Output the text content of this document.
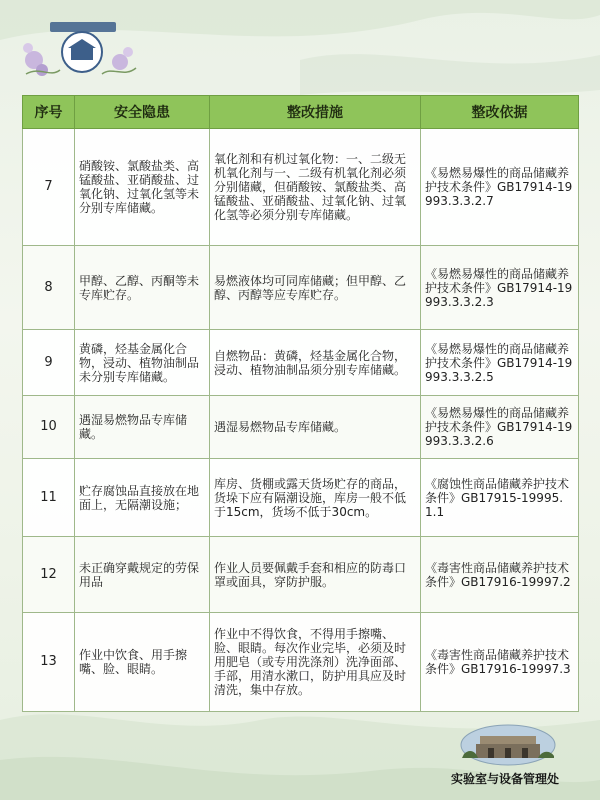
序号	安全隐患	整改措施	整改依据
7	硝酸铵、氯酸盐类、高锰酸盐、亚硝酸盐、过氧化钠、过氧化氢等未分别专库储藏。	氧化剂和有机过氧化物：一、二级无机氧化剂与一、二级有机氧化剂必须分别储藏，但硝酸铵、氯酸盐类、高锰酸盐、亚硝酸盐、过氧化钠、过氧化氢等必须分别专库储藏。	《易燃易爆性的商品储藏养护技术条件》GB17914-19993.3.3.2.7
8	甲醇、乙醇、丙酮等未专库贮存。	易燃液体均可同库储藏；但甲醇、乙醇、丙醇等应专库贮存。	《易燃易爆性的商品储藏养护技术条件》GB17914-19993.3.3.2.3
9	黄磷，烃基金属化合物，浸动、植物油制品未分别专库储藏。	自燃物品：黄磷，烃基金属化合物，浸动、植物油制品须分别专库储藏。	《易燃易爆性的商品储藏养护技术条件》GB17914-19993.3.3.2.5
10	遇湿易燃物品专库储藏。	遇湿易燃物品专库储藏。	《易燃易爆性的商品储藏养护技术条件》GB17914-19993.3.3.2.6
11	贮存腐蚀品直接放在地面上，无隔潮设施；	库房、货棚或露天货场贮存的商品，货垛下应有隔潮设施，库房一般不低于15cm，货场不低于30cm。	《腐蚀性商品储藏养护技术条件》GB17915-19995.1.1
12	未正确穿戴规定的劳保用品	作业人员要佩戴手套和相应的防毒口罩或面具，穿防护服。	《毒害性商品储藏养护技术条件》GB17916-19997.2
13	作业中饮食、用手擦嘴、脸、眼睛。	作业中不得饮食，不得用手擦嘴、脸、眼睛。每次作业完毕，必须及时用肥皂（或专用洗涤剂）洗净面部、手部，用清水漱口，防护用具应及时清洗，集中存放。	《毒害性商品储藏养护技术条件》GB17916-19997.3
实验室与设备管理处
